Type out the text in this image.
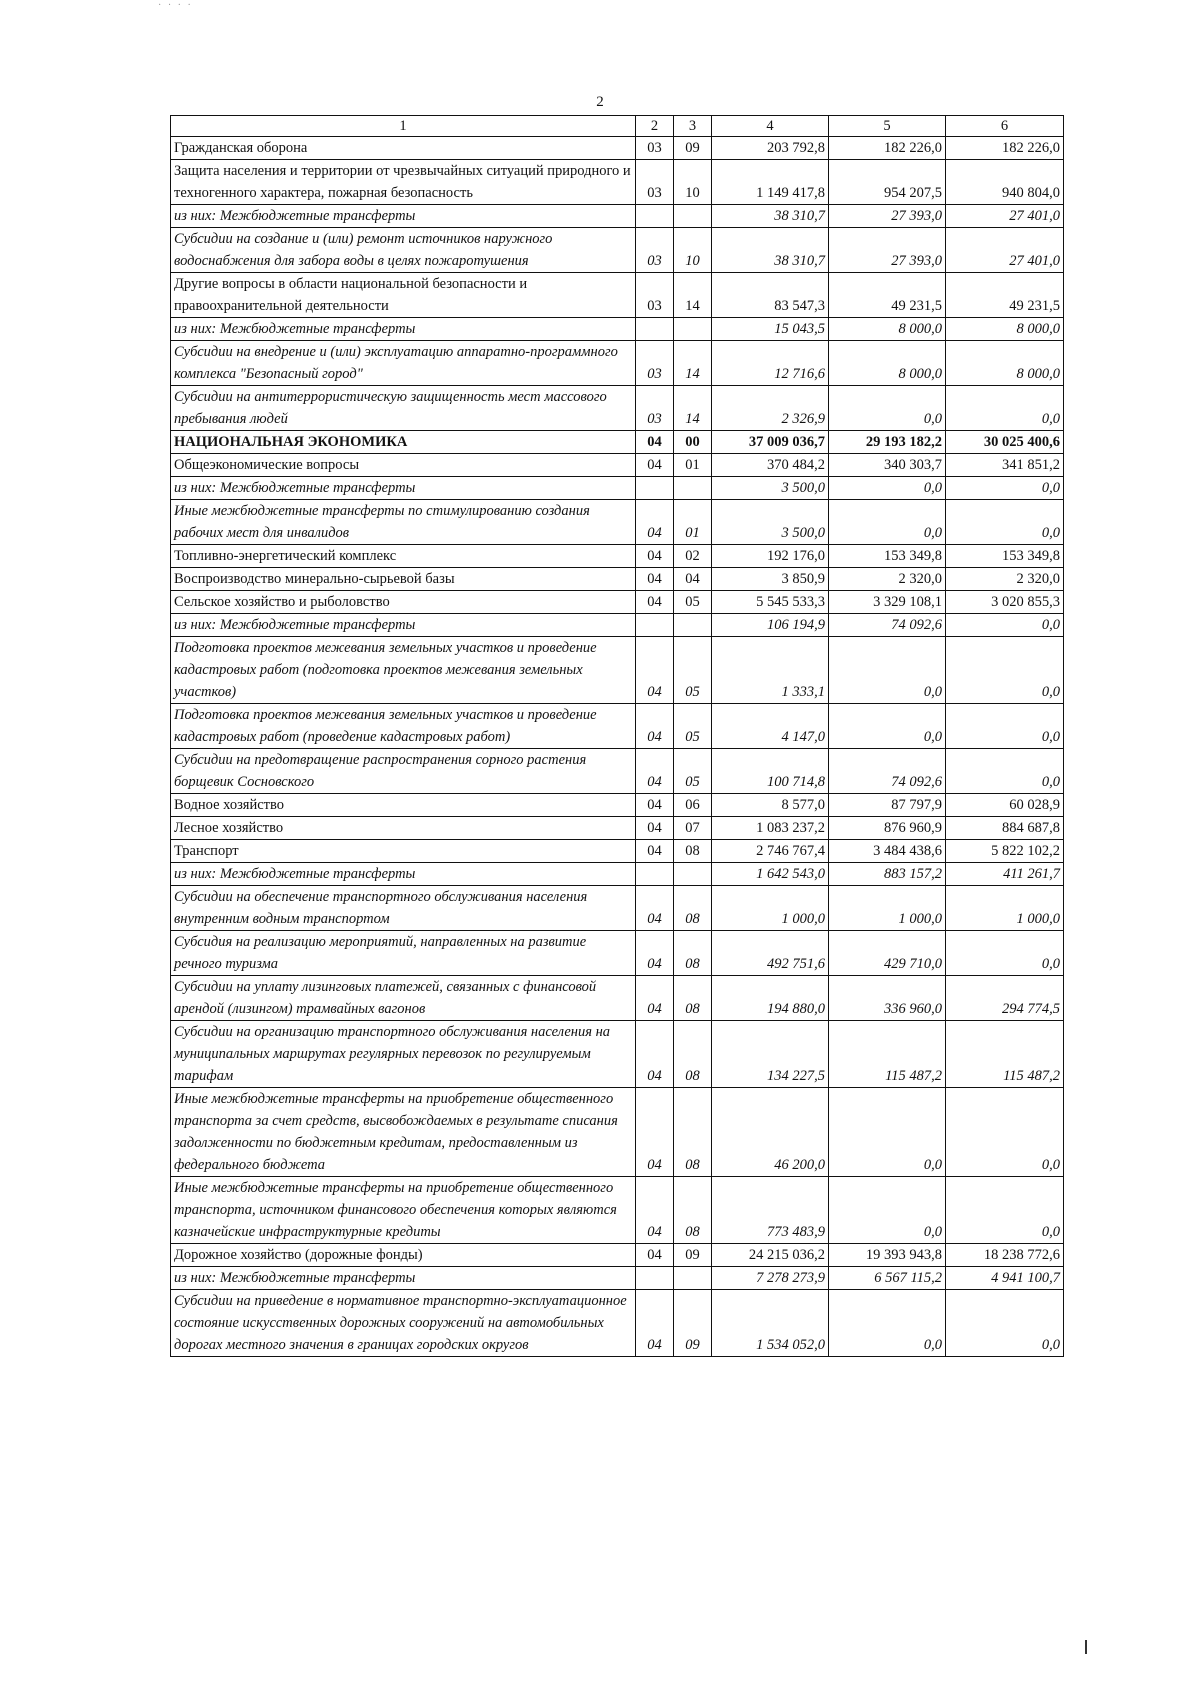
· · · ·
2
1	2	3	4	5	6
Гражданская оборона	03	09	203 792,8	182 226,0	182 226,0
Защита населения и территории от чрезвычайных ситуаций природного и техногенного характера, пожарная безопасность	03	10	1 149 417,8	954 207,5	940 804,0
из них: Межбюджетные трансферты			38 310,7	27 393,0	27 401,0
Субсидии на создание и (или) ремонт источников наружного водоснабжения для забора воды в целях пожаротушения	03	10	38 310,7	27 393,0	27 401,0
Другие вопросы в области национальной безопасности и правоохранительной деятельности	03	14	83 547,3	49 231,5	49 231,5
из них: Межбюджетные трансферты			15 043,5	8 000,0	8 000,0
Субсидии на внедрение и (или) эксплуатацию аппаратно-программного комплекса "Безопасный город"	03	14	12 716,6	8 000,0	8 000,0
Субсидии на антитеррористическую защищенность мест массового пребывания людей	03	14	2 326,9	0,0	0,0
НАЦИОНАЛЬНАЯ ЭКОНОМИКА	04	00	37 009 036,7	29 193 182,2	30 025 400,6
Общеэкономические вопросы	04	01	370 484,2	340 303,7	341 851,2
из них: Межбюджетные трансферты			3 500,0	0,0	0,0
Иные межбюджетные трансферты по стимулированию создания рабочих мест для инвалидов	04	01	3 500,0	0,0	0,0
Топливно-энергетический комплекс	04	02	192 176,0	153 349,8	153 349,8
Воспроизводство минерально-сырьевой базы	04	04	3 850,9	2 320,0	2 320,0
Сельское хозяйство и рыболовство	04	05	5 545 533,3	3 329 108,1	3 020 855,3
из них: Межбюджетные трансферты			106 194,9	74 092,6	0,0
Подготовка проектов межевания земельных участков и проведение кадастровых работ (подготовка проектов межевания земельных участков)	04	05	1 333,1	0,0	0,0
Подготовка проектов межевания земельных участков и проведение кадастровых работ (проведение кадастровых работ)	04	05	4 147,0	0,0	0,0
Субсидии на предотвращение распространения сорного растения борщевик Сосновского	04	05	100 714,8	74 092,6	0,0
Водное хозяйство	04	06	8 577,0	87 797,9	60 028,9
Лесное хозяйство	04	07	1 083 237,2	876 960,9	884 687,8
Транспорт	04	08	2 746 767,4	3 484 438,6	5 822 102,2
из них: Межбюджетные трансферты			1 642 543,0	883 157,2	411 261,7
Субсидии на обеспечение транспортного обслуживания населения внутренним водным транспортом	04	08	1 000,0	1 000,0	1 000,0
Субсидия на реализацию мероприятий, направленных на развитие речного туризма	04	08	492 751,6	429 710,0	0,0
Субсидии на уплату лизинговых платежей, связанных с финансовой арендой (лизингом) трамвайных вагонов	04	08	194 880,0	336 960,0	294 774,5
Субсидии на организацию транспортного обслуживания населения на муниципальных маршрутах регулярных перевозок по регулируемым тарифам	04	08	134 227,5	115 487,2	115 487,2
Иные межбюджетные трансферты на приобретение общественного транспорта за счет средств, высвобождаемых в результате списания задолженности по бюджетным кредитам, предоставленным из федерального бюджета	04	08	46 200,0	0,0	0,0
Иные межбюджетные трансферты на приобретение общественного транспорта, источником финансового обеспечения которых являются казначейские инфраструктурные кредиты	04	08	773 483,9	0,0	0,0
Дорожное хозяйство (дорожные фонды)	04	09	24 215 036,2	19 393 943,8	18 238 772,6
из них: Межбюджетные трансферты			7 278 273,9	6 567 115,2	4 941 100,7
Субсидии на приведение в нормативное транспортно-эксплуатационное состояние искусственных дорожных сооружений на автомобильных дорогах местного значения в границах городских округов	04	09	1 534 052,0	0,0	0,0
